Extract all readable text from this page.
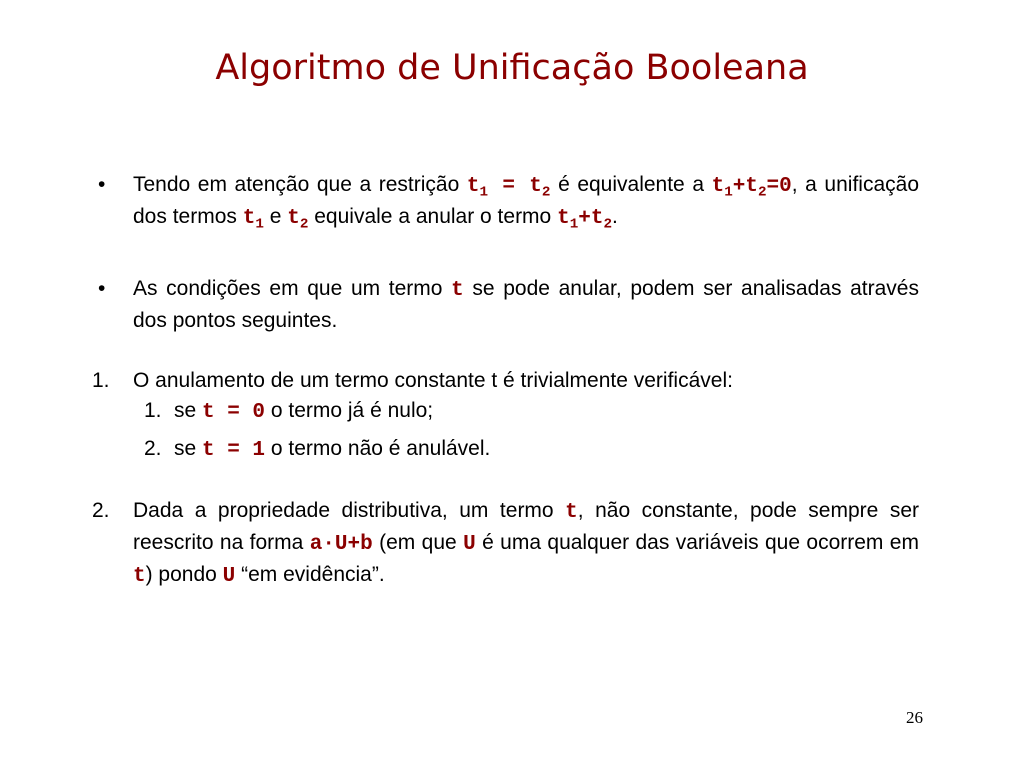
Algoritmo de Unificação Booleana
• Tendo em atenção que a restrição $t_1 = t_2$ é equivalente a $t_1+t_2=0$, a unificação dos termos $t_1$ e $t_2$ equivale a anular o termo $t_1+t_2$.
• As condições em que um termo t se pode anular, podem ser analisadas através dos pontos seguintes.
1. O anulamento de um termo constante t é trivialmente verificável:
1. se t = 0 o termo já é nulo;
2. se t = 1 o termo não é anulável.
2. Dada a propriedade distributiva, um termo t, não constante, pode sempre ser reescrito na forma a·U+b (em que U é uma qualquer das variáveis que ocorrem em t) pondo U “em evidência”.
26
